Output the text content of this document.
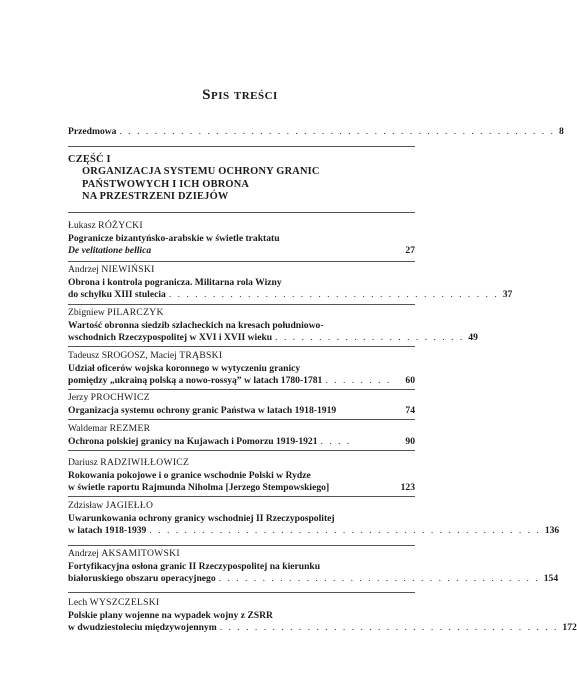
Spis treści
Przedmowa . . . . . . . . . . . . . . . . . . . . . . . . . . . . . . . . . . . . . . . . . . . . . . . . . . 8
CZĘŚĆ I
ORGANIZACJA SYSTEMU OCHRONY GRANIC
PAŃSTWOWYCH I ICH OBRONA
NA PRZESTRZENI DZIEJÓW
Łukasz RÓŻYCKI
Pogranicze bizantyńsko-arabskie w świetle traktatu
De velitatione bellica	27
Andrzej NIEWIŃSKI
Obrona i kontrola pogranicza. Militarna rola Wizny
do schyłku XIII stulecia . . . . . . . . . . . . . . . . . . . . . . . . . . . . . . . . . . . . . . 37
Zbigniew PILARCZYK
Wartość obronna siedzib szlacheckich na kresach południowo-
wschodnich Rzeczypospolitej w XVI i XVII wieku . . . . . . . . . . . . . . . . . . . . . . 49
Tadeusz SROGOSZ, Maciej TRĄBSKI
Udział oficerów wojska koronnego w wytyczeniu granicy
pomiędzy „ukrainą polską a nowo-rossyą” w latach 1780-1781 . . . . . . . .	60
Jerzy PROCHWICZ
Organizacja systemu ochrony granic Państwa w latach 1918-1919	74
Waldemar REZMER
Ochrona polskiej granicy na Kujawach i Pomorzu 1919-1921 . . . .	90
Dariusz RADZIWIŁŁOWICZ
Rokowania pokojowe i o granice wschodnie Polski w Rydze
w świetle raportu Rajmunda Niholma [Jerzego Stempowskiego]	123
Zdzisław JAGIEŁŁO
Uwarunkowania ochrony granicy wschodniej II Rzeczypospolitej
w latach 1918-1939 . . . . . . . . . . . . . . . . . . . . . . . . . . . . . . . . . . . . . . . . . . . . . 136
Andrzej AKSAMITOWSKI
Fortyfikacyjna osłona granic II Rzeczypospolitej na kierunku
białoruskiego obszaru operacyjnego . . . . . . . . . . . . . . . . . . . . . . . . . . . . . . . . . . . . . 154
Lech WYSZCZELSKI
Polskie plany wojenne na wypadek wojny z ZSRR
w dwudziestoleciu międzywojennym . . . . . . . . . . . . . . . . . . . . . . . . . . . . . . . . . . . . . . . 172
